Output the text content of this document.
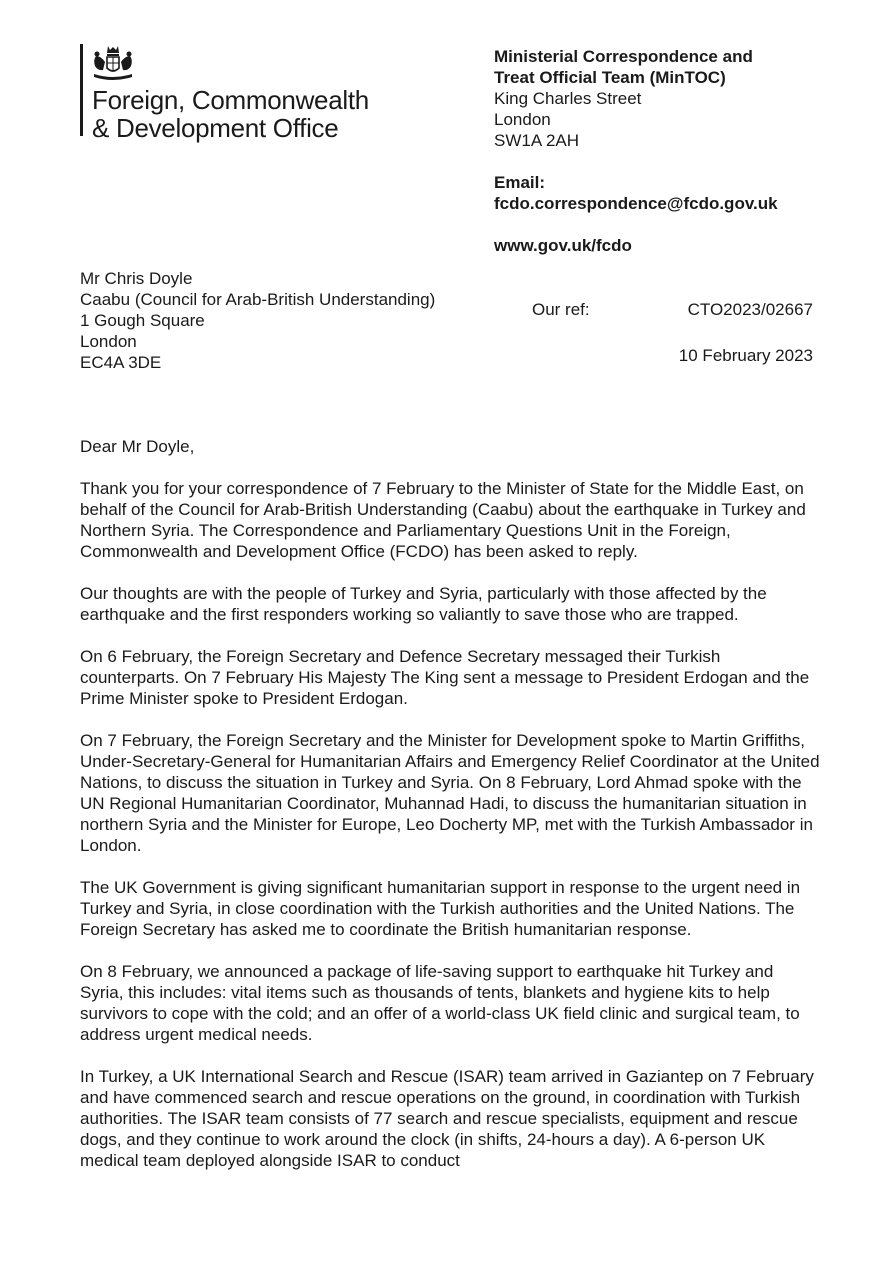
Foreign, Commonwealth
& Development Office
Ministerial Correspondence and
Treat Official Team (MinTOC)
King Charles Street
London
SW1A 2AH
Email:
fcdo.correspondence@fcdo.gov.uk
www.gov.uk/fcdo
Mr Chris Doyle
Caabu (Council for Arab-British Understanding)
1 Gough Square
London
EC4A 3DE
Our ref:	CTO2023/02667
10 February 2023

Dear Mr Doyle,

Thank you for your correspondence of 7 February to the Minister of State for the Middle East, on behalf of the Council for Arab-British Understanding (Caabu) about the earthquake in Turkey and Northern Syria. The Correspondence and Parliamentary Questions Unit in the Foreign, Commonwealth and Development Office (FCDO) has been asked to reply.

Our thoughts are with the people of Turkey and Syria, particularly with those affected by the earthquake and the first responders working so valiantly to save those who are trapped.

On 6 February, the Foreign Secretary and Defence Secretary messaged their Turkish counterparts. On 7 February His Majesty The King sent a message to President Erdogan and the Prime Minister spoke to President Erdogan.

On 7 February, the Foreign Secretary and the Minister for Development spoke to Martin Griffiths, Under-Secretary-General for Humanitarian Affairs and Emergency Relief Coordinator at the United Nations, to discuss the situation in Turkey and Syria. On 8 February, Lord Ahmad spoke with the UN Regional Humanitarian Coordinator, Muhannad Hadi, to discuss the humanitarian situation in northern Syria and the Minister for Europe, Leo Docherty MP, met with the Turkish Ambassador in London.

The UK Government is giving significant humanitarian support in response to the urgent need in Turkey and Syria, in close coordination with the Turkish authorities and the United Nations. The Foreign Secretary has asked me to coordinate the British humanitarian response.

On 8 February, we announced a package of life-saving support to earthquake hit Turkey and Syria, this includes: vital items such as thousands of tents, blankets and hygiene kits to help survivors to cope with the cold; and an offer of a world-class UK field clinic and surgical team, to address urgent medical needs.

In Turkey, a UK International Search and Rescue (ISAR) team arrived in Gaziantep on 7 February and have commenced search and rescue operations on the ground, in coordination with Turkish authorities. The ISAR team consists of 77 search and rescue specialists, equipment and rescue dogs, and they continue to work around the clock (in shifts, 24-hours a day). A 6-person UK medical team deployed alongside ISAR to conduct
